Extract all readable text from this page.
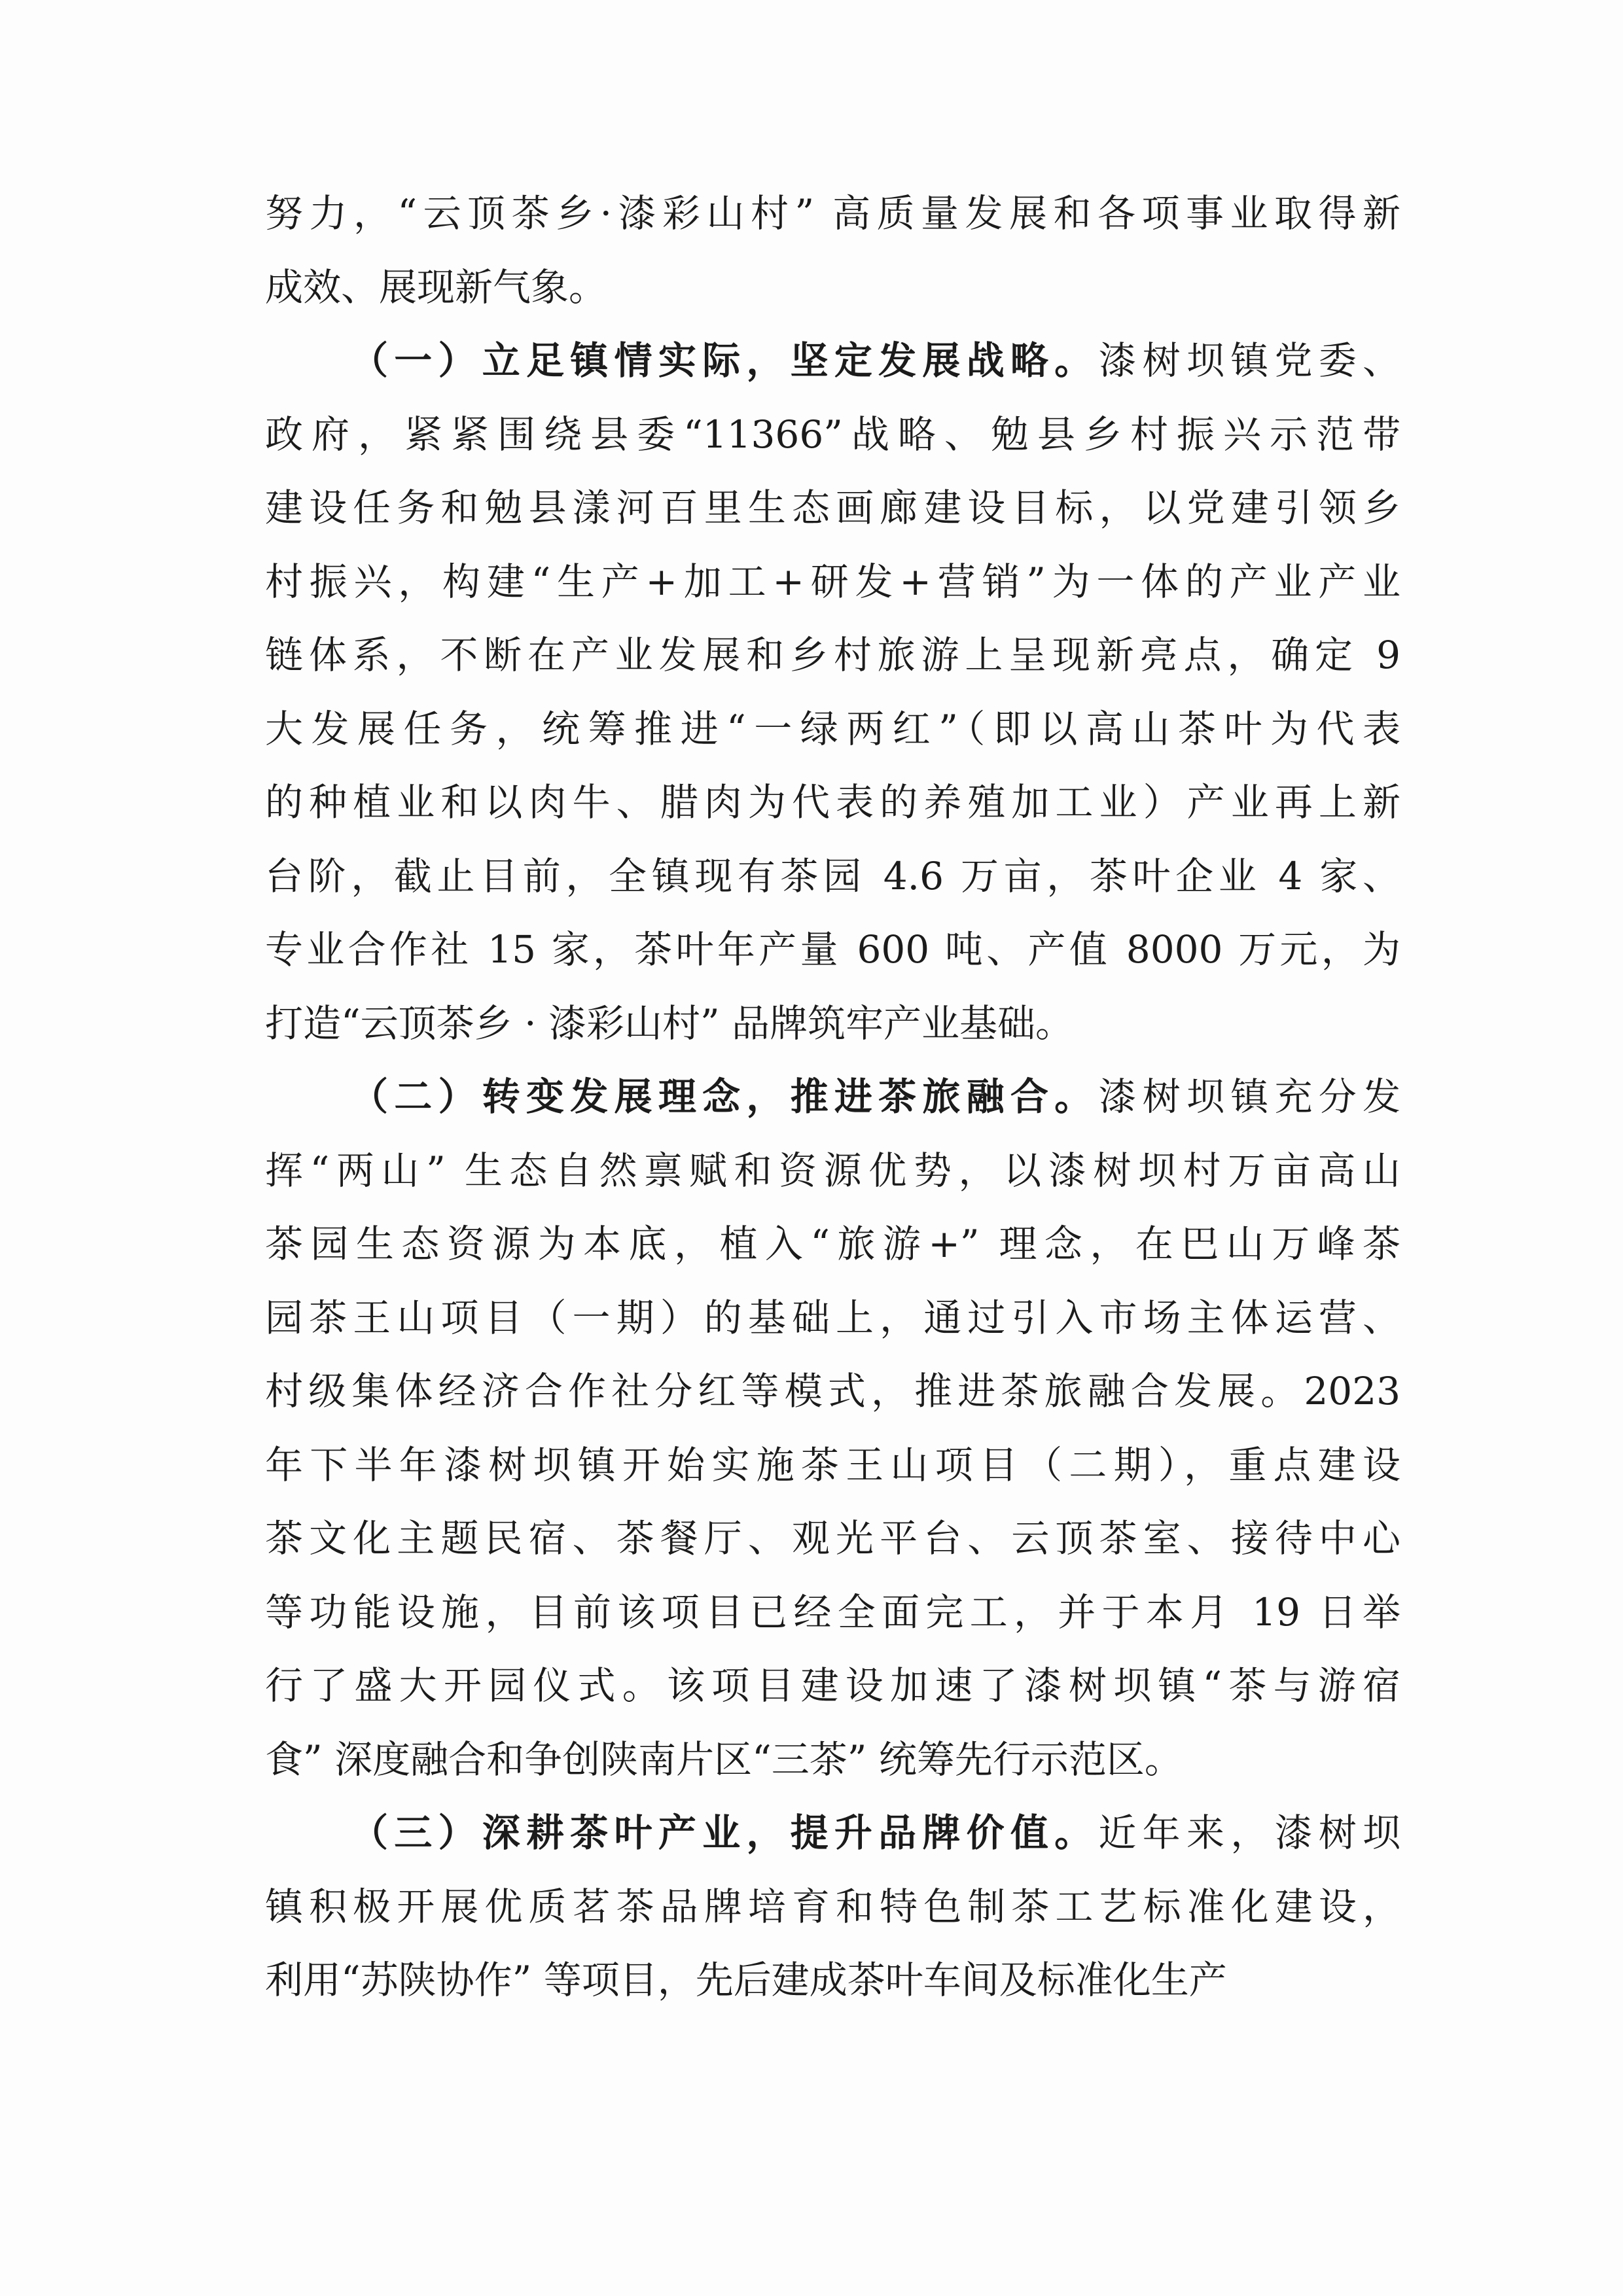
努力，“云顶茶乡·漆彩山村” 高质量发展和各项事业取得新
成效、展现新气象。
（一）立足镇情实际，坚定发展战略。漆树坝镇党委、
政府，紧紧围绕县委“11366”战略、勉县乡村振兴示范带
建设任务和勉县漾河百里生态画廊建设目标，以党建引领乡
村振兴，构建“生产+加工+研发+营销”为一体的产业产业
链体系，不断在产业发展和乡村旅游上呈现新亮点，确定 9
大发展任务，统筹推进“一绿两红”（即以高山茶叶为代表
的种植业和以肉牛、腊肉为代表的养殖加工业）产业再上新
台阶，截止目前，全镇现有茶园 4.6 万亩，茶叶企业 4 家、
专业合作社 15 家，茶叶年产量 600 吨、产值 8000 万元，为
打造“云顶茶乡 · 漆彩山村” 品牌筑牢产业基础。
（二）转变发展理念，推进茶旅融合。漆树坝镇充分发
挥“两山” 生态自然禀赋和资源优势，以漆树坝村万亩高山
茶园生态资源为本底，植入“旅游+” 理念，在巴山万峰茶
园茶王山项目（一期）的基础上，通过引入市场主体运营、
村级集体经济合作社分红等模式，推进茶旅融合发展。2023
年下半年漆树坝镇开始实施茶王山项目（二期），重点建设
茶文化主题民宿、茶餐厅、观光平台、云顶茶室、接待中心
等功能设施，目前该项目已经全面完工，并于本月 19 日举
行了盛大开园仪式。该项目建设加速了漆树坝镇“茶与游宿
食” 深度融合和争创陕南片区“三茶” 统筹先行示范区。
（三）深耕茶叶产业，提升品牌价值。近年来，漆树坝
镇积极开展优质茗茶品牌培育和特色制茶工艺标准化建设，
利用“苏陕协作” 等项目，先后建成茶叶车间及标准化生产
